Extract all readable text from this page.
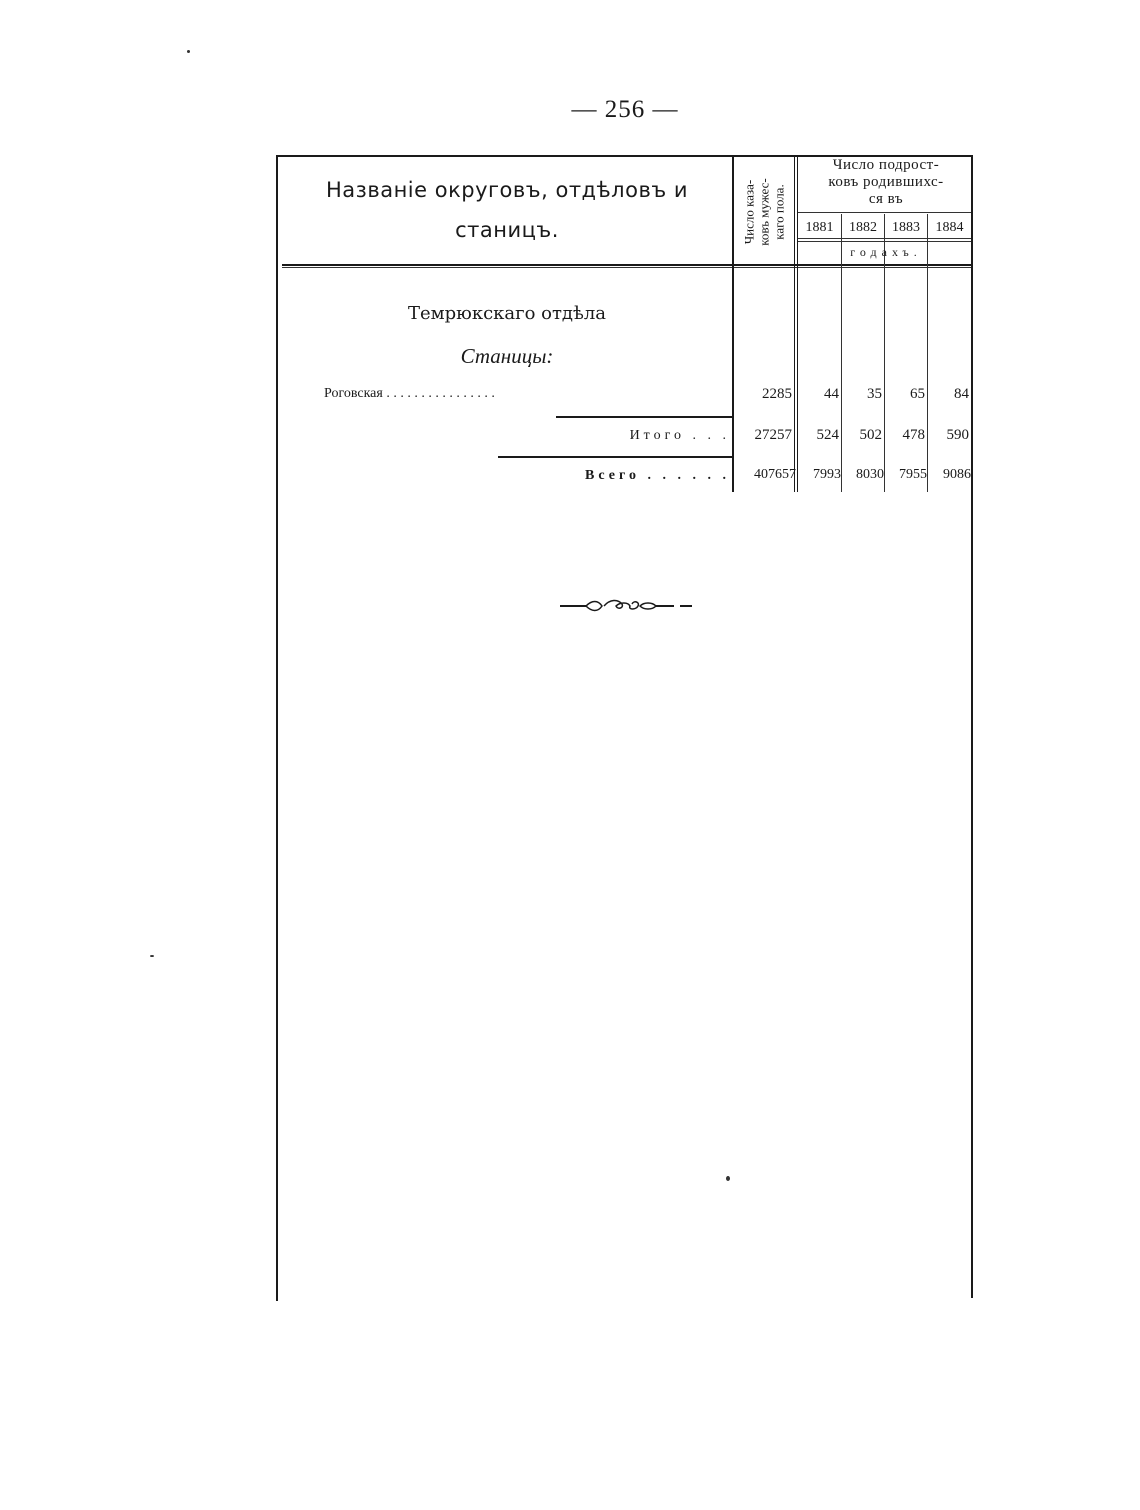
— 256 —
Названіе округовъ, отдѣловъ и
станицъ.	Число каза- ковъ мужес- каго пола.
Число подрост-
ковъ родившихс-
ся въ
1881	1882	1883	1884
годахъ.
Темрюкскаго отдѣла
Станицы:
Роговская . . . . . . . . . . . . . . . .	2285	44	35	65	84
Итого . . .	27257	524	502	478	590
Всего . . . . . .	407657	7993	8030	7955	9086
